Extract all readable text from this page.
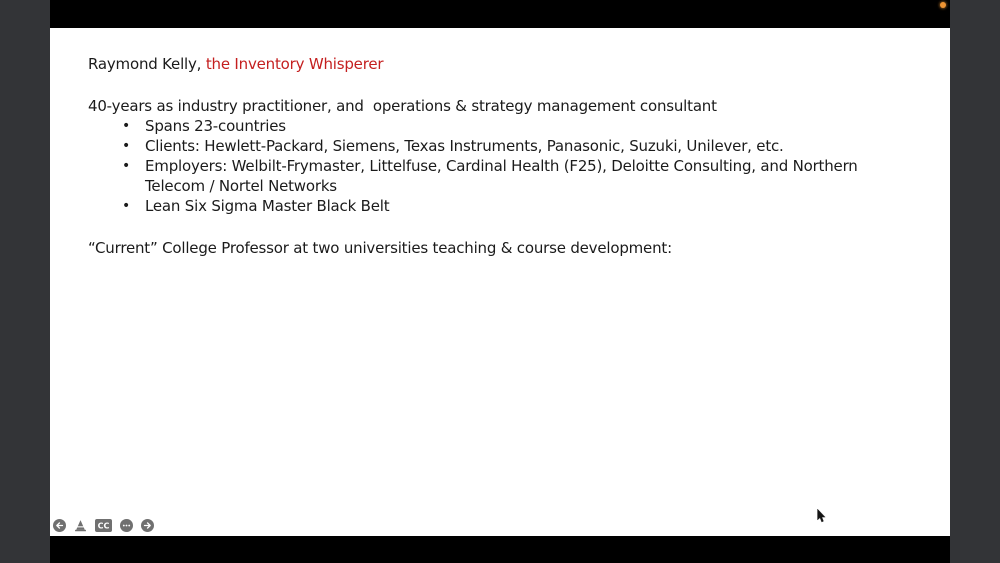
Raymond Kelly, the Inventory Whisperer
40-years as industry practitioner, and  operations & strategy management consultant
• Spans 23-countries
• Clients: Hewlett-Packard, Siemens, Texas Instruments, Panasonic, Suzuki, Unilever, etc.
• Employers: Welbilt-Frymaster, Littelfuse, Cardinal Health (F25), Deloitte Consulting, and Northern Telecom / Nortel Networks
• Lean Six Sigma Master Black Belt
“Current” College Professor at two universities teaching & course development:
CC
